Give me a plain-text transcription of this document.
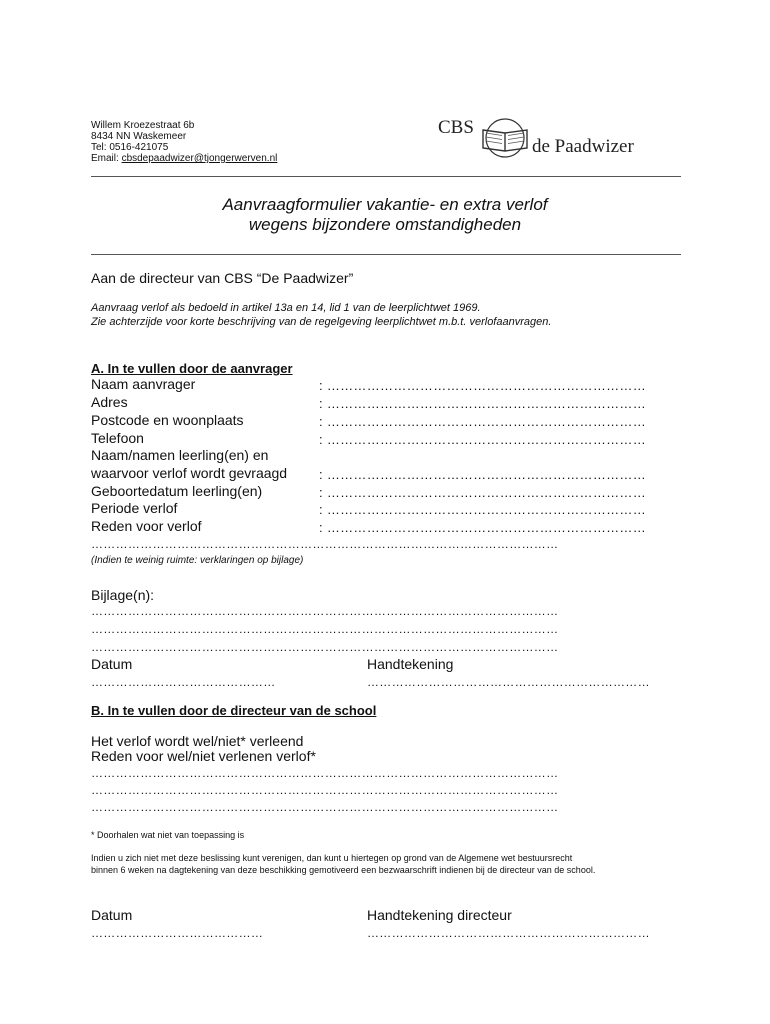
Willem Kroezestraat 6b
8434 NN Waskemeer
Tel: 0516-421075
Email: cbsdepaadwizer@tjongerwerven.nl
CBS
de Paadwizer
Aanvraagformulier vakantie- en extra verlof
wegens bijzondere omstandigheden
Aan de directeur van CBS “De Paadwizer”
Aanvraag verlof als bedoeld in artikel 13a en 14, lid 1 van de leerplichtwet 1969.
Zie achterzijde voor korte beschrijving van de regelgeving leerplichtwet m.b.t. verlofaanvragen.
A. In te vullen door de aanvrager
Naam aanvrager	: ………………………………………………………………
Adres	: ………………………………………………………………
Postcode en woonplaats	: ………………………………………………………………
Telefoon	: ………………………………………………………………
Naam/namen leerling(en) en
waarvoor verlof wordt gevraagd : ………………………………………………………………
Geboortedatum leerling(en)	: ………………………………………………………………
Periode verlof	: ………………………………………………………………
Reden voor verlof	: ………………………………………………………………
……………………………………………………………………………………………………
(Indien te weinig ruimte: verklaringen op bijlage)
Bijlage(n):
……………………………………………………………………………………………………
……………………………………………………………………………………………………
……………………………………………………………………………………………………
Datum	Handtekening
………………………………………	……………………………………………………………
B. In te vullen door de directeur van de school
Het verlof wordt wel/niet* verleend
Reden voor wel/niet verlenen verlof*
……………………………………………………………………………………………………
……………………………………………………………………………………………………
……………………………………………………………………………………………………
* Doorhalen wat niet van toepassing is
Indien u zich niet met deze beslissing kunt verenigen, dan kunt u hiertegen op grond van de Algemene wet bestuursrecht
binnen 6 weken na dagtekening van deze beschikking gemotiveerd een bezwaarschrift indienen bij de directeur van de school.
Datum	Handtekening directeur
……………………………………	……………………………………………………………
